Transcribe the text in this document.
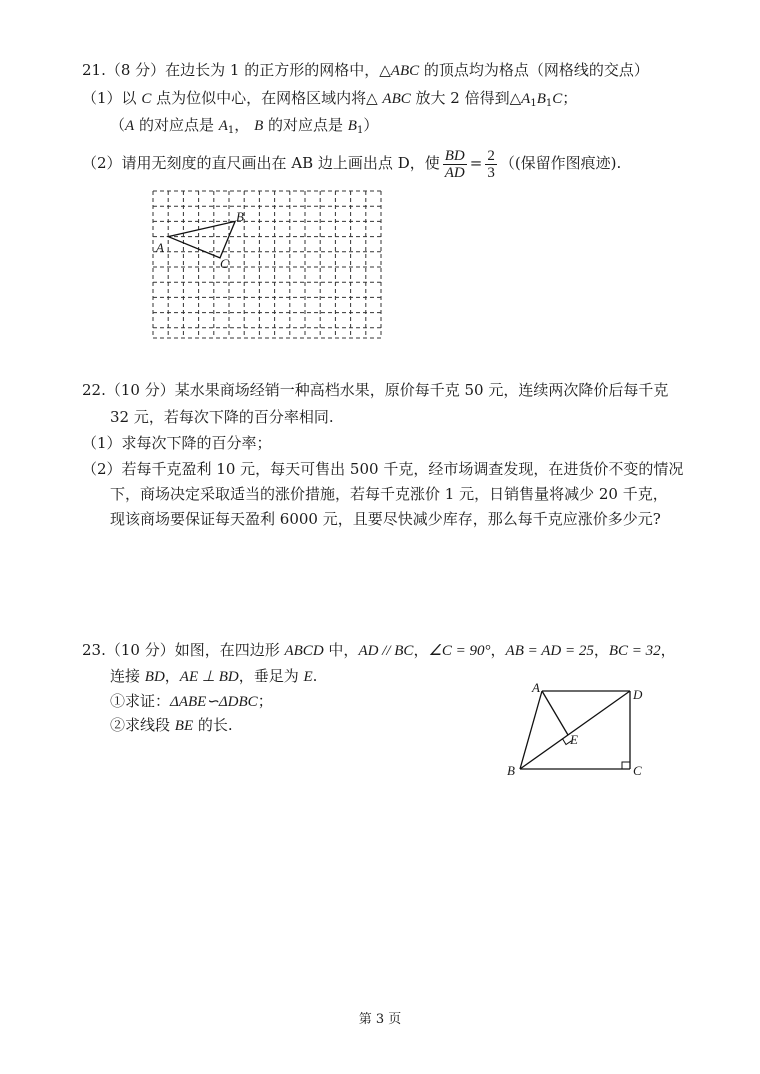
21.（8 分）在边长为 1 的正方形的网格中，△ABC 的顶点均为格点（网格线的交点）
（1）以 C 点为位似中心，在网格区域内将△ ABC 放大 2 倍得到$\triangle A_1B_1C$；
（A 的对应点是 $A_1$， B 的对应点是 $B_1$）
（2）请用无刻度的直尺画出在 AB 边上画出点 D，使 $\frac{BD}{AD} = \frac{2}{3}$ （(保留作图痕迹).
A
B
C
22.（10 分）某水果商场经销一种高档水果，原价每千克 50 元，连续两次降价后每千克
32 元，若每次下降的百分率相同.
（1）求每次下降的百分率；
（2）若每千克盈利 10 元，每天可售出 500 千克，经市场调查发现，在进货价不变的情况
下，商场决定采取适当的涨价措施，若每千克涨价 1 元，日销售量将减少 20 千克，
现该商场要保证每天盈利 6000 元，且要尽快减少库存，那么每千克应涨价多少元?
23.（10 分）如图，在四边形 ABCD 中，AD // BC，∠C = 90°，AB = AD = 25，BC = 32，
连接 BD，AE ⊥ BD，垂足为 E.
①求证：ΔABE∽ΔDBC；
②求线段 BE 的长.
A	D
E
B	C
第 3 页
